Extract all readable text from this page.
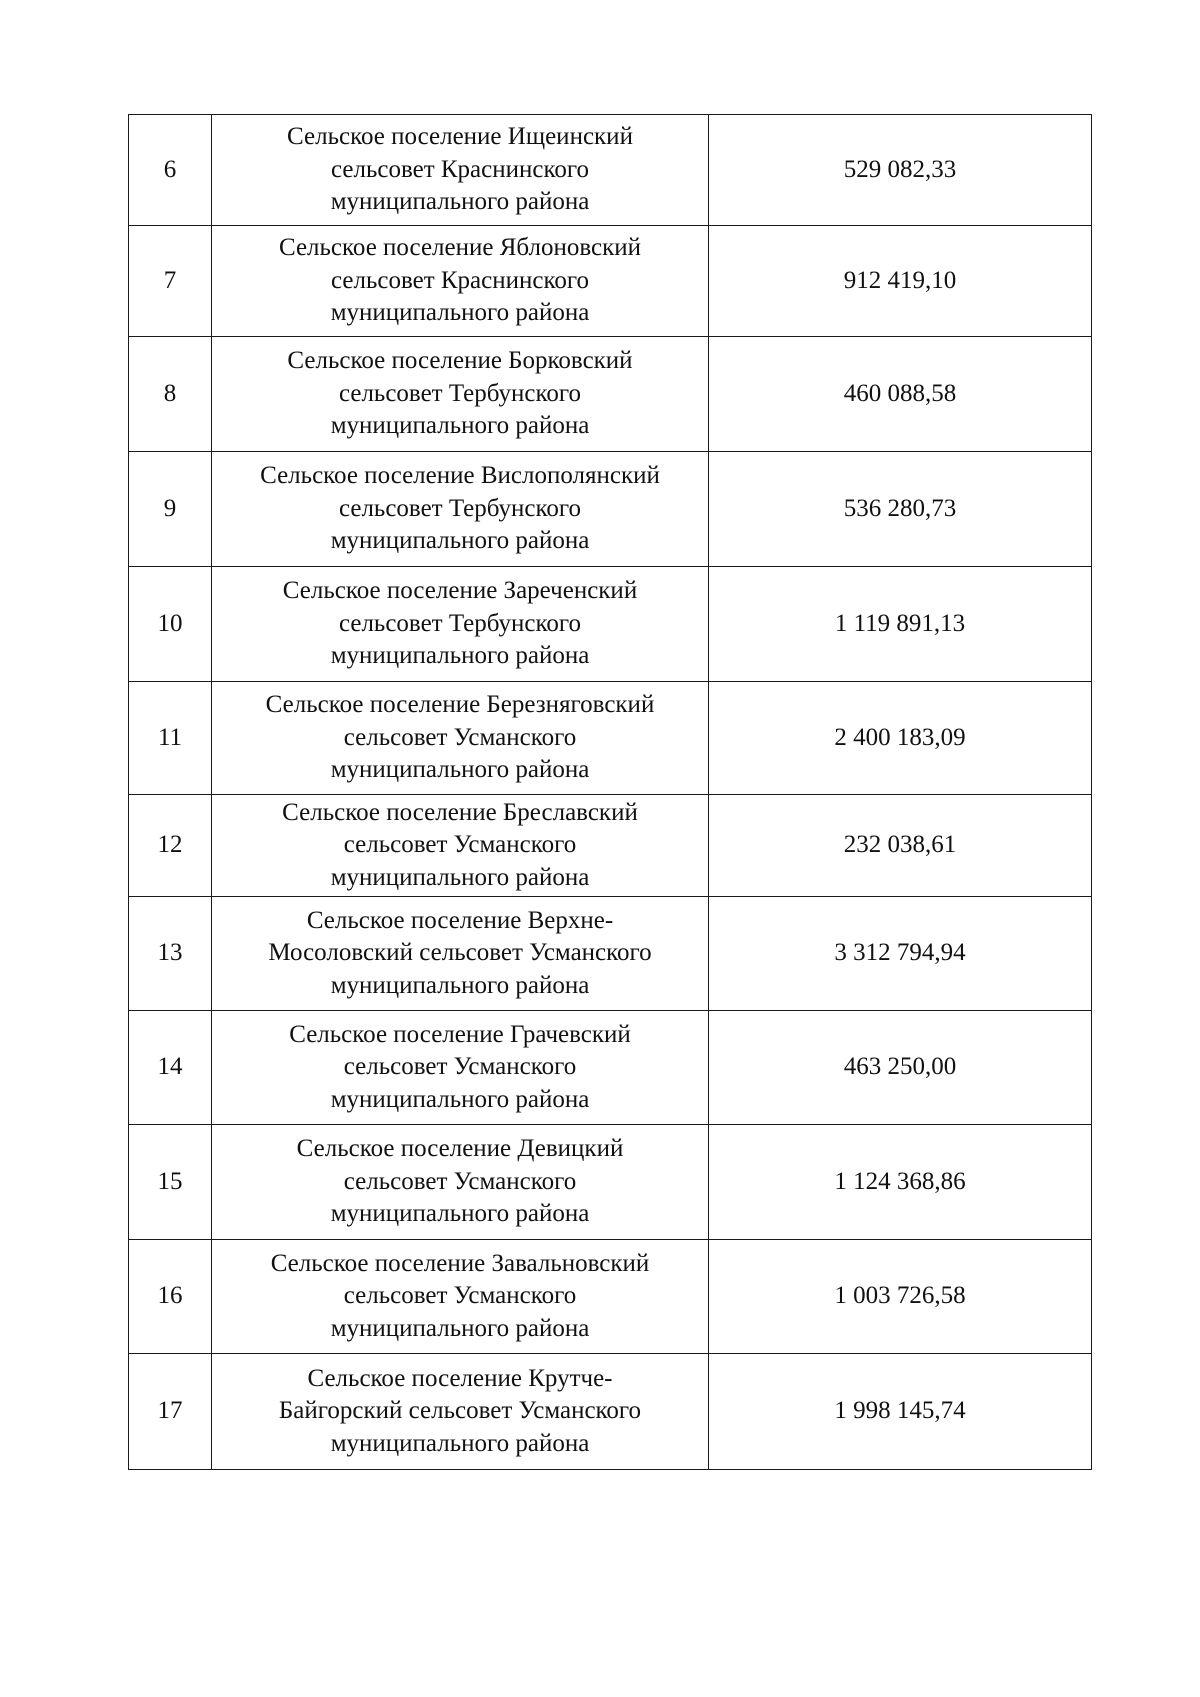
6	Сельское поселение Ищеинский
сельсовет Краснинского
муниципального района	529 082,33
7	Сельское поселение Яблоновский
сельсовет Краснинского
муниципального района	912 419,10
8	Сельское поселение Борковский
сельсовет Тербунского
муниципального района	460 088,58
9	Сельское поселение Вислополянский
сельсовет Тербунского
муниципального района	536 280,73
10	Сельское поселение Зареченский
сельсовет Тербунского
муниципального района	1 119 891,13
11	Сельское поселение Березняговский
сельсовет Усманского
муниципального района	2 400 183,09
12	Сельское поселение Бреславский
сельсовет Усманского
муниципального района	232 038,61
13	Сельское поселение Верхне-
Мосоловский сельсовет Усманского
муниципального района	3 312 794,94
14	Сельское поселение Грачевский
сельсовет Усманского
муниципального района	463 250,00
15	Сельское поселение Девицкий
сельсовет Усманского
муниципального района	1 124 368,86
16	Сельское поселение Завальновский
сельсовет Усманского
муниципального района	1 003 726,58
17	Сельское поселение Крутче-
Байгорский сельсовет Усманского
муниципального района	1 998 145,74
